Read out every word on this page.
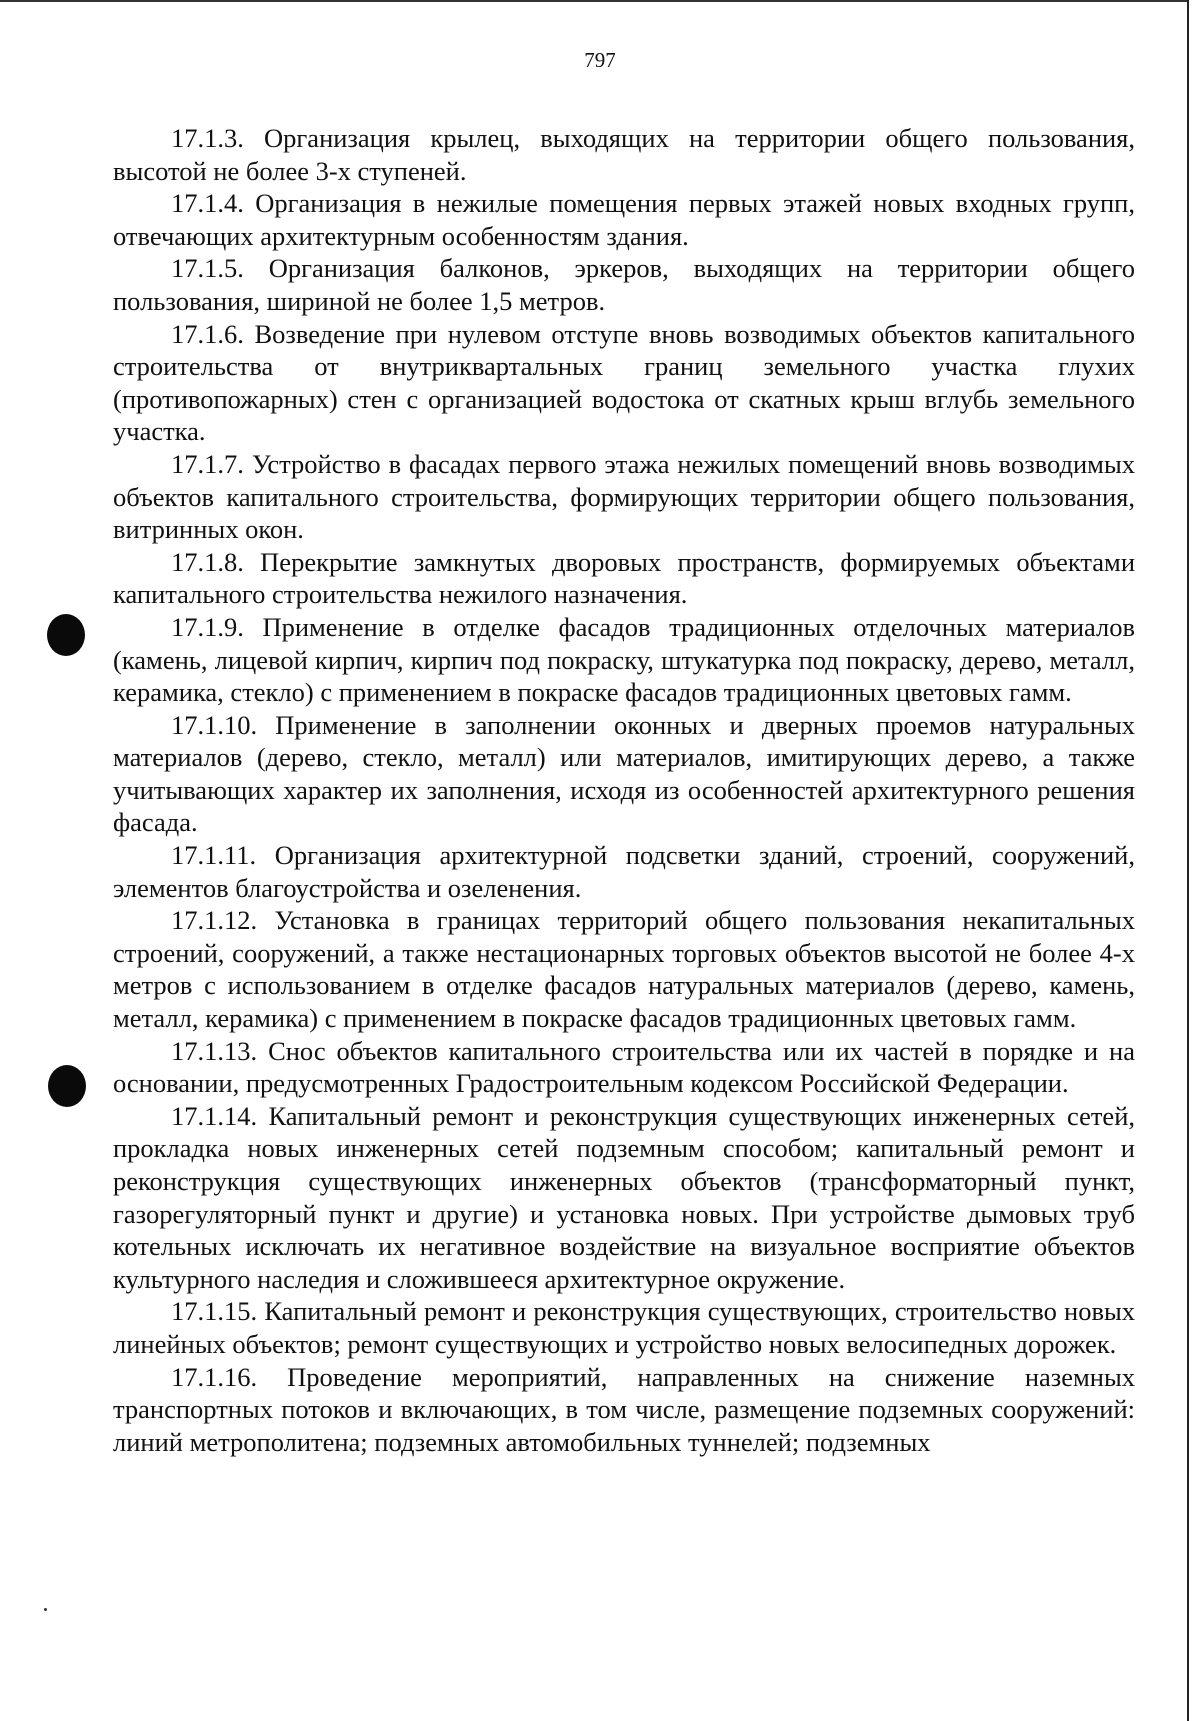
797

17.1.3. Организация крылец, выходящих на территории общего пользования, высотой не более 3-х ступеней.

17.1.4. Организация в нежилые помещения первых этажей новых входных групп, отвечающих архитектурным особенностям здания.

17.1.5. Организация балконов, эркеров, выходящих на территории общего пользования, шириной не более 1,5 метров.

17.1.6. Возведение при нулевом отступе вновь возводимых объектов капитального строительства от внутриквартальных границ земельного участка глухих (противопожарных) стен с организацией водостока от скатных крыш вглубь земельного участка.

17.1.7. Устройство в фасадах первого этажа нежилых помещений вновь возводимых объектов капитального строительства, формирующих территории общего пользования, витринных окон.

17.1.8. Перекрытие замкнутых дворовых пространств, формируемых объектами капитального строительства нежилого назначения.

17.1.9. Применение в отделке фасадов традиционных отделочных материалов (камень, лицевой кирпич, кирпич под покраску, штукатурка под покраску, дерево, металл, керамика, стекло) с применением в покраске фасадов традиционных цветовых гамм.

17.1.10. Применение в заполнении оконных и дверных проемов натуральных материалов (дерево, стекло, металл) или материалов, имитирующих дерево, а также учитывающих характер их заполнения, исходя из особенностей архитектурного решения фасада.

17.1.11. Организация архитектурной подсветки зданий, строений, сооружений, элементов благоустройства и озеленения.

17.1.12. Установка в границах территорий общего пользования некапитальных строений, сооружений, а также нестационарных торговых объектов высотой не более 4-х метров с использованием в отделке фасадов натуральных материалов (дерево, камень, металл, керамика) с применением в покраске фасадов традиционных цветовых гамм.

17.1.13. Снос объектов капитального строительства или их частей в порядке и на основании, предусмотренных Градостроительным кодексом Российской Федерации.

17.1.14. Капитальный ремонт и реконструкция существующих инженерных сетей, прокладка новых инженерных сетей подземным способом; капитальный ремонт и реконструкция существующих инженерных объектов (трансформаторный пункт, газорегуляторный пункт и другие) и установка новых. При устройстве дымовых труб котельных исключать их негативное воздействие на визуальное восприятие объектов культурного наследия и сложившееся архитектурное окружение.

17.1.15. Капитальный ремонт и реконструкция существующих, строительство новых линейных объектов; ремонт существующих и устройство новых велосипедных дорожек.

17.1.16. Проведение мероприятий, направленных на снижение наземных транспортных потоков и включающих, в том числе, размещение подземных сооружений: линий метрополитена; подземных автомобильных туннелей; подземных
